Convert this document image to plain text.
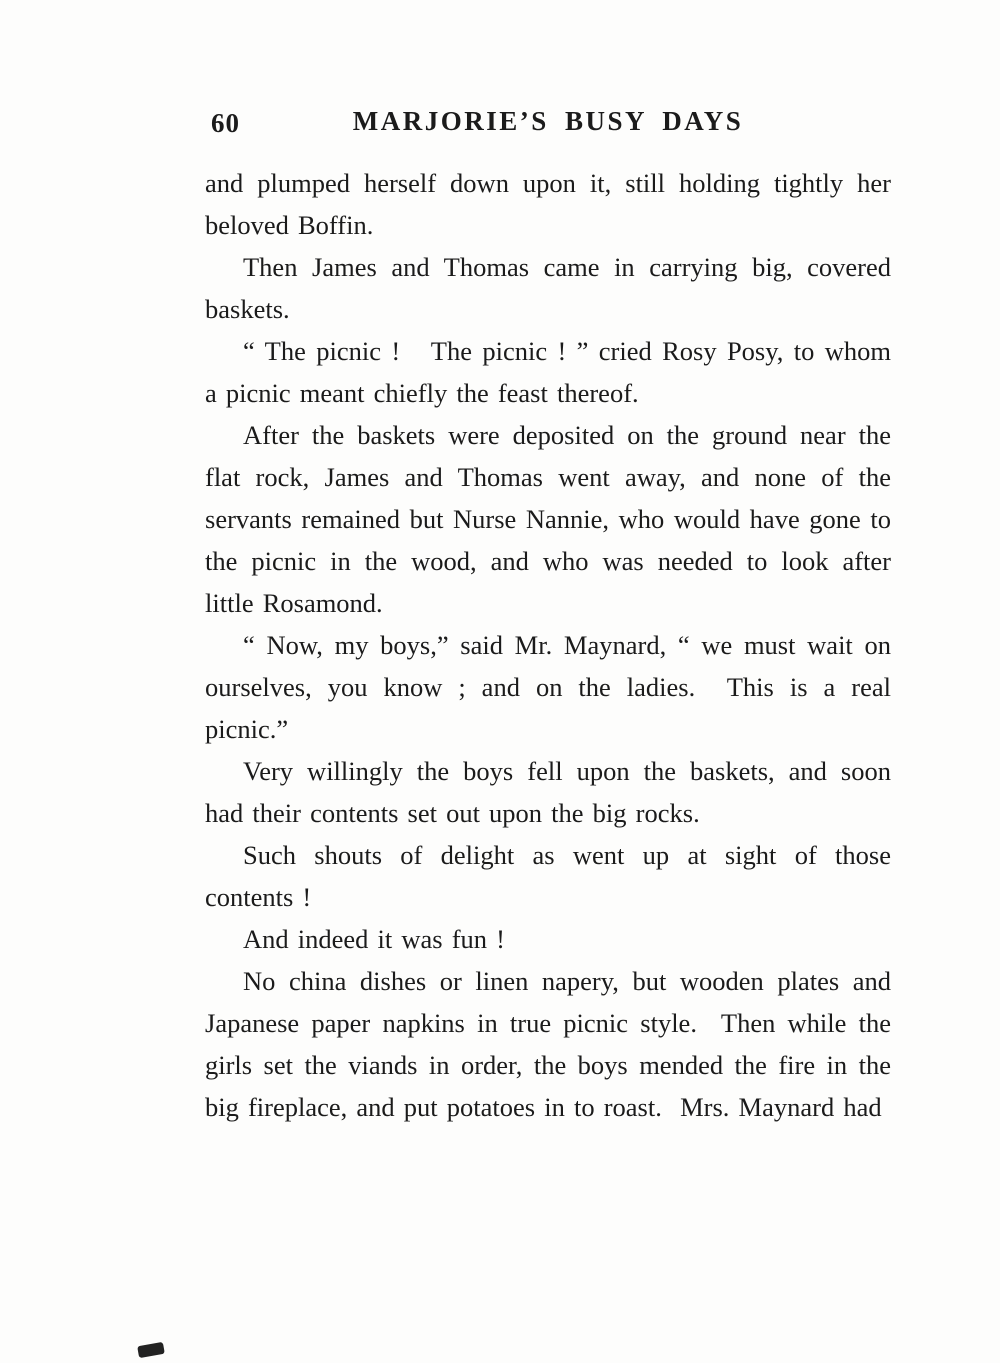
60	MARJORIE’S BUSY DAYS

and plumped herself down upon it, still holding tightly her beloved Boffin.

Then James and Thomas came in carrying big, covered baskets.

“ The picnic !   The picnic ! ” cried Rosy Posy, to whom a picnic meant chiefly the feast thereof.

After the baskets were deposited on the ground near the flat rock, James and Thomas went away, and none of the servants remained but Nurse Nannie, who would have gone to the picnic in the wood, and who was needed to look after little Rosamond.

“ Now, my boys,” said Mr. Maynard, “ we must wait on ourselves, you know ; and on the ladies.  This is a real picnic.”

Very willingly the boys fell upon the baskets, and soon had their contents set out upon the big rocks.

Such shouts of delight as went up at sight of those contents !

And indeed it was fun !

No china dishes or linen napery, but wooden plates and Japanese paper napkins in true picnic style.  Then while the girls set the viands in order, the boys mended the fire in the big fireplace, and put potatoes in to roast.  Mrs. Maynard had
